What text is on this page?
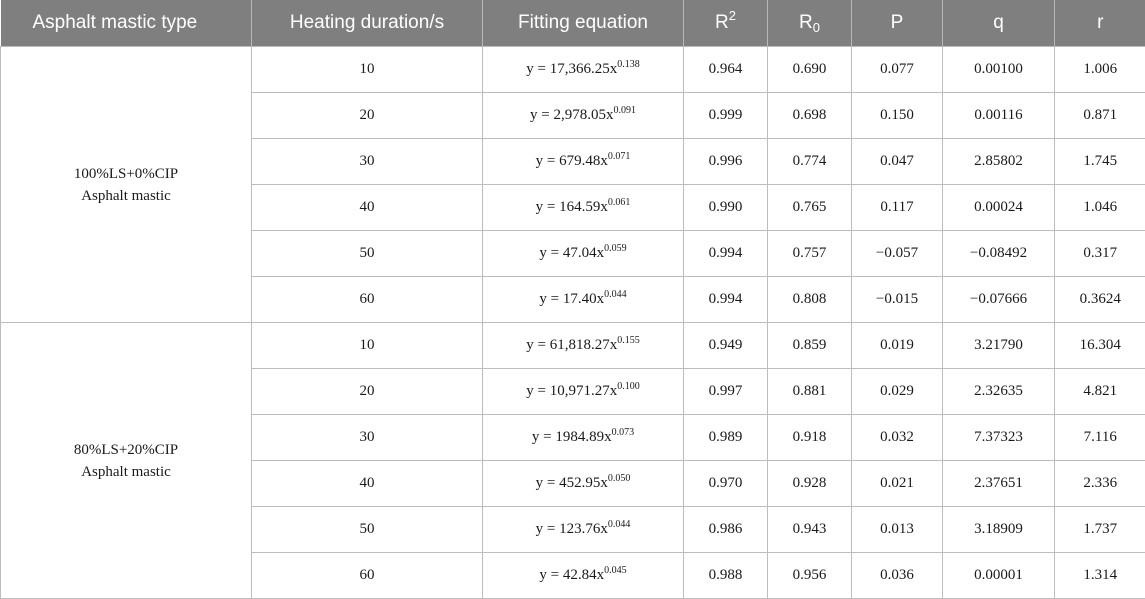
Asphalt mastic type	Heating duration/s	Fitting equation	$R^2$	$R_0$	P	q	r

100%LS+0%CIP
Asphalt mastic	10	$y = 17,366.25x^{0.138}$	0.964	0.690	0.077	0.00100	1.006
	20	$y = 2,978.05x^{0.091}$	0.999	0.698	0.150	0.00116	0.871
	30	$y = 679.48x^{0.071}$	0.996	0.774	0.047	2.85802	1.745
	40	$y = 164.59x^{0.061}$	0.990	0.765	0.117	0.00024	1.046
	50	$y = 47.04x^{0.059}$	0.994	0.757	−0.057	−0.08492	0.317
	60	$y = 17.40x^{0.044}$	0.994	0.808	−0.015	−0.07666	0.3624

80%LS+20%CIP
Asphalt mastic	10	$y = 61,818.27x^{0.155}$	0.949	0.859	0.019	3.21790	16.304
	20	$y = 10,971.27x^{0.100}$	0.997	0.881	0.029	2.32635	4.821
	30	$y = 1984.89x^{0.073}$	0.989	0.918	0.032	7.37323	7.116
	40	$y = 452.95x^{0.050}$	0.970	0.928	0.021	2.37651	2.336
	50	$y = 123.76x^{0.044}$	0.986	0.943	0.013	3.18909	1.737
	60	$y = 42.84x^{0.045}$	0.988	0.956	0.036	0.00001	1.314
